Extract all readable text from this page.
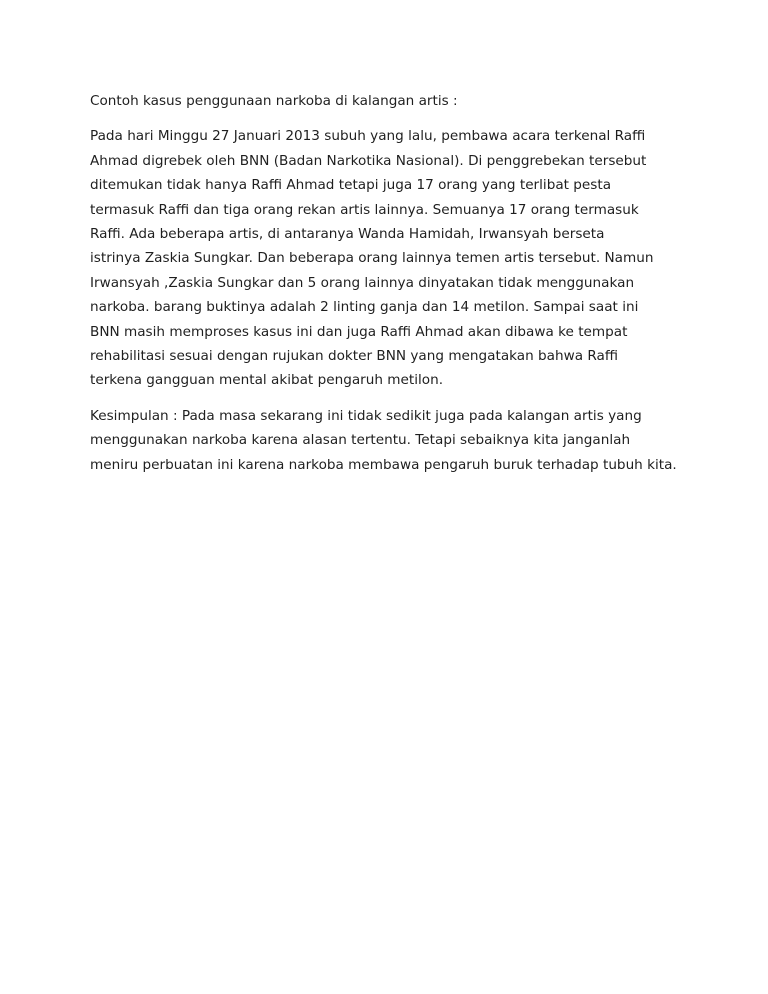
Contoh kasus penggunaan narkoba di kalangan artis :

Pada hari Minggu 27 Januari 2013 subuh yang lalu, pembawa acara terkenal Raffi
Ahmad digrebek oleh BNN (Badan Narkotika Nasional). Di penggrebekan tersebut
ditemukan tidak hanya Raffi Ahmad tetapi juga 17 orang yang terlibat pesta
termasuk Raffi dan tiga orang rekan artis lainnya. Semuanya 17 orang termasuk
Raffi. Ada beberapa artis, di antaranya Wanda Hamidah, Irwansyah berseta
istrinya Zaskia Sungkar. Dan beberapa orang lainnya temen artis tersebut. Namun
Irwansyah ,Zaskia Sungkar dan 5 orang lainnya dinyatakan tidak menggunakan
narkoba. barang buktinya adalah 2 linting ganja dan 14 metilon. Sampai saat ini
BNN masih memproses kasus ini dan juga Raffi Ahmad akan dibawa ke tempat
rehabilitasi sesuai dengan rujukan dokter BNN yang mengatakan bahwa Raffi
terkena gangguan mental akibat pengaruh metilon.

Kesimpulan : Pada masa sekarang ini tidak sedikit juga pada kalangan artis yang
menggunakan narkoba karena alasan tertentu. Tetapi sebaiknya kita janganlah
meniru perbuatan ini karena narkoba membawa pengaruh buruk terhadap tubuh kita.
